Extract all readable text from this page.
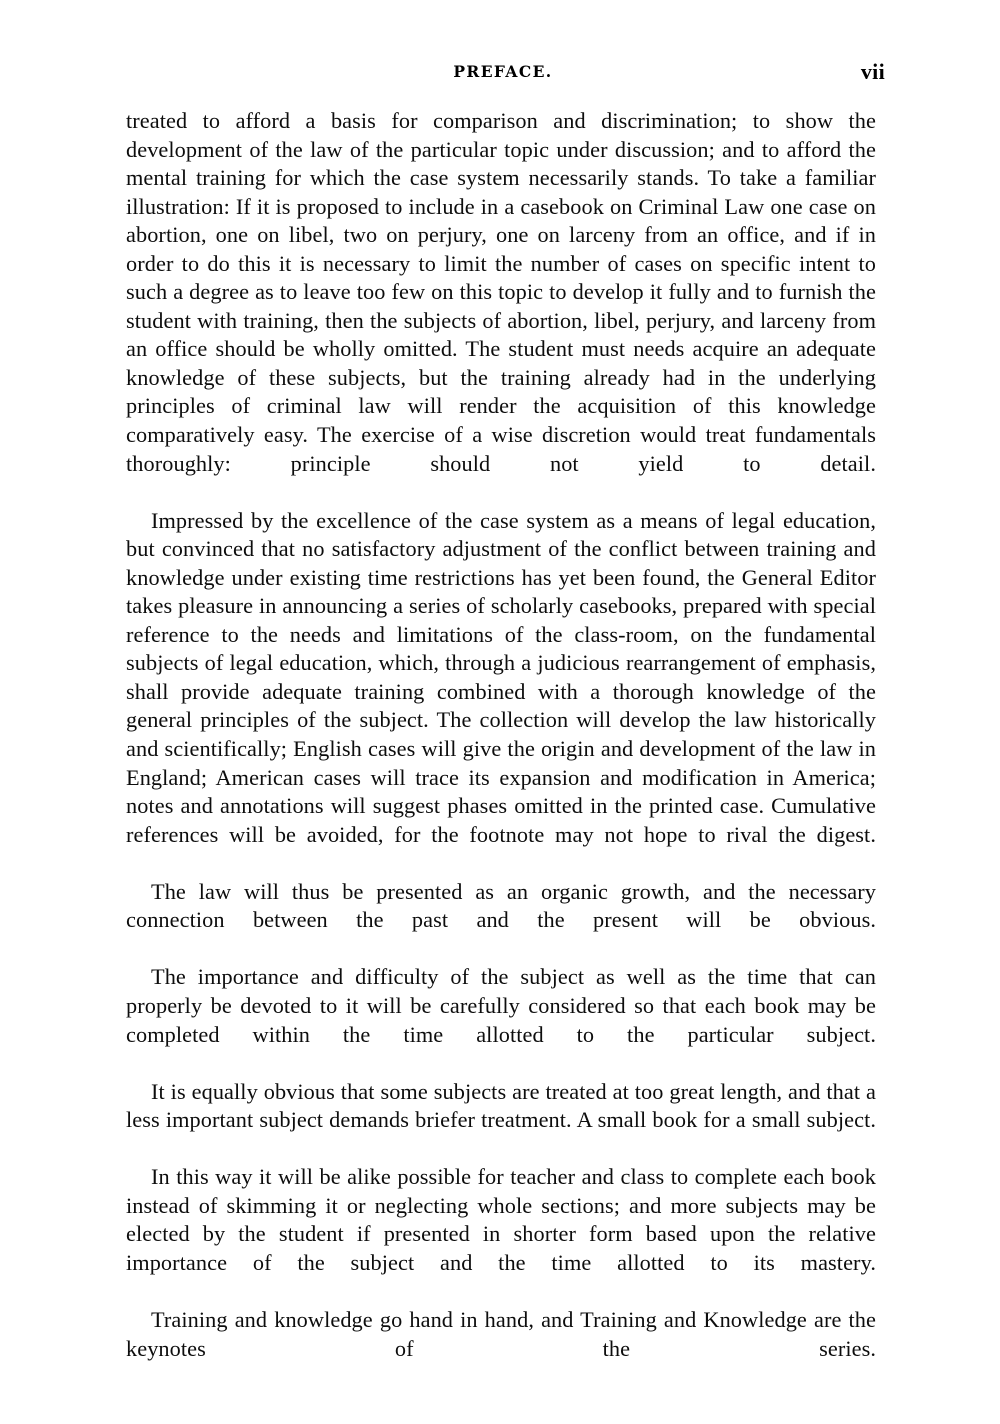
PREFACE.	vii

treated to afford a basis for comparison and discrimination; to show the development of the law of the particular topic under discussion; and to afford the mental training for which the case system necessarily stands. To take a familiar illustration: If it is proposed to include in a casebook on Criminal Law one case on abortion, one on libel, two on perjury, one on larceny from an office, and if in order to do this it is necessary to limit the number of cases on specific intent to such a degree as to leave too few on this topic to develop it fully and to furnish the student with training, then the subjects of abortion, libel, perjury, and larceny from an office should be wholly omitted. The student must needs acquire an adequate knowledge of these subjects, but the training already had in the underlying principles of criminal law will render the acquisition of this knowledge comparatively easy. The exercise of a wise discretion would treat fundamentals thoroughly: principle should not yield to detail.

Impressed by the excellence of the case system as a means of legal education, but convinced that no satisfactory adjustment of the conflict between training and knowledge under existing time restrictions has yet been found, the General Editor takes pleasure in announcing a series of scholarly casebooks, prepared with special reference to the needs and limitations of the class-room, on the fundamental subjects of legal education, which, through a judicious rearrangement of emphasis, shall provide adequate training combined with a thorough knowledge of the general principles of the subject. The collection will develop the law historically and scientifically; English cases will give the origin and development of the law in England; American cases will trace its expansion and modification in America; notes and annotations will suggest phases omitted in the printed case. Cumulative references will be avoided, for the footnote may not hope to rival the digest.

The law will thus be presented as an organic growth, and the necessary connection between the past and the present will be obvious.

The importance and difficulty of the subject as well as the time that can properly be devoted to it will be carefully considered so that each book may be completed within the time allotted to the particular subject.

It is equally obvious that some subjects are treated at too great length, and that a less important subject demands briefer treatment. A small book for a small subject.

In this way it will be alike possible for teacher and class to complete each book instead of skimming it or neglecting whole sections; and more subjects may be elected by the student if presented in shorter form based upon the relative importance of the subject and the time allotted to its mastery.

Training and knowledge go hand in hand, and Training and Knowledge are the keynotes of the series.
